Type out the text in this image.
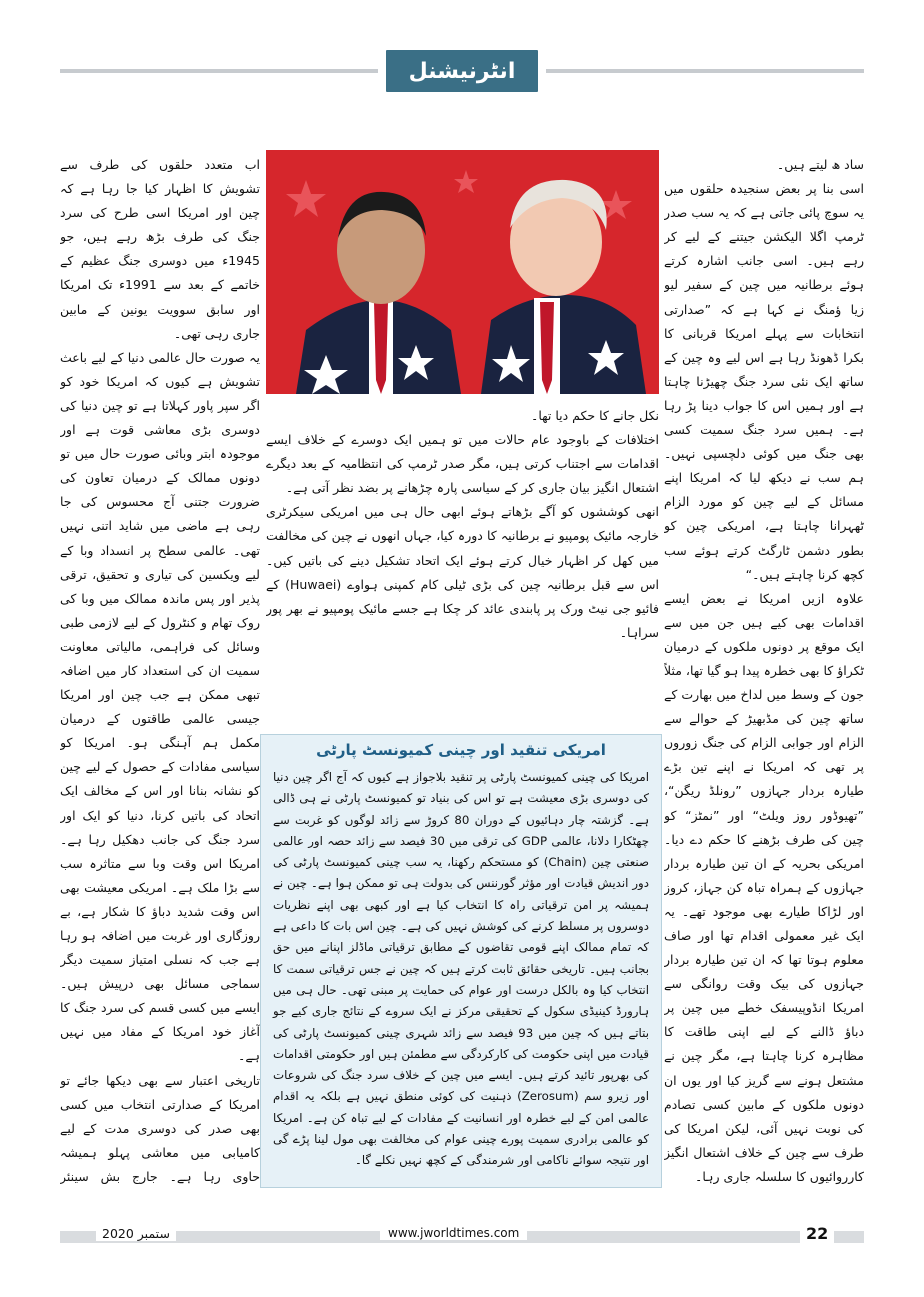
انٹرنیشنل

ساد ھ لیتے ہیں۔

اسی بنا پر بعض سنجیدہ حلقوں میں یہ سوچ پائی جاتی ہے کہ یہ سب صدر ٹرمپ اگلا الیکشن جیتنے کے لیے کر رہے ہیں۔ اسی جانب اشارہ کرتے ہوئے برطانیہ میں چین کے سفیر لیو زیا ؤمنگ نے کہا ہے کہ ”صدارتی انتخابات سے پہلے امریکا قربانی کا بکرا ڈھونڈ رہا ہے اس لیے وہ چین کے ساتھ ایک نئی سرد جنگ چھیڑنا چاہتا ہے اور ہمیں اس کا جواب دینا پڑ رہا ہے۔ ہمیں سرد جنگ سمیت کسی بھی جنگ میں کوئی دلچسپی نہیں۔ ہم سب نے دیکھ لیا کہ امریکا اپنے مسائل کے لیے چین کو مورد الزام ٹھہرانا چاہتا ہے، امریکی چین کو بطور دشمن ٹارگٹ کرتے ہوئے سب کچھ کرنا چاہتے ہیں۔“

علاوہ ازیں امریکا نے بعض ایسے اقدامات بھی کیے ہیں جن میں سے ایک موقع پر دونوں ملکوں کے درمیان ٹکراؤ کا بھی خطرہ پیدا ہو گیا تھا، مثلاً جون کے وسط میں لداخ میں بھارت کے ساتھ چین کی مڈبھیڑ کے حوالے سے الزام اور جوابی الزام کی جنگ زوروں پر تھی کہ امریکا نے اپنے تین بڑے طیارہ بردار جہازوں ”رونلڈ ریگن“، ”تھیوڈور روز ویلٹ“ اور ”نمٹز“ کو چین کی طرف بڑھنے کا حکم دے دیا۔ امریکی بحریہ کے ان تین طیارہ بردار جہازوں کے ہمراہ تباہ کن جہاز، کروز اور لڑاکا طیارے بھی موجود تھے۔ یہ ایک غیر معمولی اقدام تھا اور صاف معلوم ہوتا تھا کہ ان تین طیارہ بردار جہازوں کی بیک وقت روانگی سے امریکا انڈوپیسفک خطے میں چین پر دباؤ ڈالنے کے لیے اپنی طاقت کا مظاہرہ کرنا چاہتا ہے، مگر چین نے مشتعل ہونے سے گریز کیا اور یوں ان دونوں ملکوں کے مابین کسی تصادم کی نوبت نہیں آئی، لیکن امریکا کی طرف سے چین کے خلاف اشتعال انگیز کارروائیوں کا سلسلہ جاری رہا۔

نکل جانے کا حکم دیا تھا۔

اختلافات کے باوجود عام حالات میں تو ہمیں ایک دوسرے کے خلاف ایسے اقدامات سے اجتناب کرتی ہیں، مگر صدر ٹرمپ کی انتظامیہ کے بعد دیگرے اشتعال انگیز بیان جاری کر کے سیاسی پارہ چڑھانے پر بضد نظر آتی ہے۔

انھی کوششوں کو آگے بڑھاتے ہوئے ابھی حال ہی میں امریکی سیکرٹری خارجہ مائیک پومپیو نے برطانیہ کا دورہ کیا، جہاں انھوں نے چین کی مخالفت میں کھل کر اظہار خیال کرتے ہوئے ایک اتحاد تشکیل دینے کی باتیں کیں۔ اس سے قبل برطانیہ چین کی بڑی ٹیلی کام کمپنی ہواوے (Huwaei) کے فائیو جی نیٹ ورک پر پابندی عائد کر چکا ہے جسے مائیک پومپیو نے بھر پور سراہا۔

اب متعدد حلقوں کی طرف سے تشویش کا اظہار کیا جا رہا ہے کہ چین اور امریکا اسی طرح کی سرد جنگ کی طرف بڑھ رہے ہیں، جو 1945ء میں دوسری جنگ عظیم کے خاتمے کے بعد سے 1991ء تک امریکا اور سابق سوویت یونین کے مابین جاری رہی تھی۔

یہ صورت حال عالمی دنیا کے لیے باعث تشویش ہے کیوں کہ امریکا خود کو اگر سپر پاور کہلاتا ہے تو چین دنیا کی دوسری بڑی معاشی قوت ہے اور موجودہ ابتر وبائی صورت حال میں تو دونوں ممالک کے درمیان تعاون کی ضرورت جتنی آج محسوس کی جا رہی ہے ماضی میں شاید اتنی نہیں تھی۔ عالمی سطح پر انسداد وبا کے لیے ویکسین کی تیاری و تحقیق، ترقی پذیر اور پس ماندہ ممالک میں وبا کی روک تھام و کنٹرول کے لیے لازمی طبی وسائل کی فراہمی، مالیاتی معاونت سمیت ان کی استعداد کار میں اضافہ تبھی ممکن ہے جب چین اور امریکا جیسی عالمی طاقتوں کے درمیان مکمل ہم آہنگی ہو۔ امریکا کو سیاسی مفادات کے حصول کے لیے چین کو نشانہ بنانا اور اس کے مخالف ایک اتحاد کی باتیں کرنا، دنیا کو ایک اور سرد جنگ کی جانب دھکیل رہا ہے۔ امریکا اس وقت وبا سے متاثرہ سب سے بڑا ملک ہے۔ امریکی معیشت بھی اس وقت شدید دباؤ کا شکار ہے، بے روزگاری اور غربت میں اضافہ ہو رہا ہے جب کہ نسلی امتیاز سمیت دیگر سماجی مسائل بھی درپیش ہیں۔ ایسے میں کسی قسم کی سرد جنگ کا آغاز خود امریکا کے مفاد میں نہیں ہے۔

تاریخی اعتبار سے بھی دیکھا جائے تو امریکا کے صدارتی انتخاب میں کسی بھی صدر کی دوسری مدت کے لیے کامیابی میں معاشی پہلو ہمیشہ حاوی رہا ہے۔ جارج بش سینئر

امریکی تنقید اور چینی کمیونسٹ پارٹی
امریکا کی چینی کمیونسٹ پارٹی پر تنقید بلاجواز ہے کیوں کہ آج اگر چین دنیا کی دوسری بڑی معیشت ہے تو اس کی بنیاد تو کمیونسٹ پارٹی نے ہی ڈالی ہے۔ گزشتہ چار دہائیوں کے دوران 80 کروڑ سے زائد لوگوں کو غربت سے چھٹکارا دلانا، عالمی GDP کی ترقی میں 30 فیصد سے زائد حصہ اور عالمی صنعتی چین (Chain) کو مستحکم رکھنا، یہ سب چینی کمیونسٹ پارٹی کی دور اندیش قیادت اور مؤثر گورننس کی بدولت ہی تو ممکن ہوا ہے۔ چین نے ہمیشہ پر امن ترقیاتی راہ کا انتخاب کیا ہے اور کبھی بھی اپنے نظریات دوسروں پر مسلط کرنے کی کوشش نہیں کی ہے۔ چین اس بات کا داعی ہے کہ تمام ممالک اپنے قومی تقاضوں کے مطابق ترقیاتی ماڈلز اپنانے میں حق بجانب ہیں۔ تاریخی حقائق ثابت کرتے ہیں کہ چین نے جس ترقیاتی سمت کا انتخاب کیا وہ بالکل درست اور عوام کی حمایت پر مبنی تھی۔ حال ہی میں ہارورڈ کینیڈی سکول کے تحقیقی مرکز نے ایک سروے کے نتائج جاری کیے جو بتاتے ہیں کہ چین میں 93 فیصد سے زائد شہری چینی کمیونسٹ پارٹی کی قیادت میں اپنی حکومت کی کارکردگی سے مطمئن ہیں اور حکومتی اقدامات کی بھرپور تائید کرتے ہیں۔ ایسے میں چین کے خلاف سرد جنگ کی شروعات اور زیرو سم (Zerosum) ذہنیت کی کوئی منطق نہیں ہے بلکہ یہ اقدام عالمی امن کے لیے خطرہ اور انسانیت کے مفادات کے لیے تباہ کن ہے۔ امریکا کو عالمی برادری سمیت پورے چینی عوام کی مخالفت بھی مول لینا پڑے گی اور نتیجہ سوائے ناکامی اور شرمندگی کے کچھ نہیں نکلے گا۔
ستمبر 2020	www.jworldtimes.com	22
